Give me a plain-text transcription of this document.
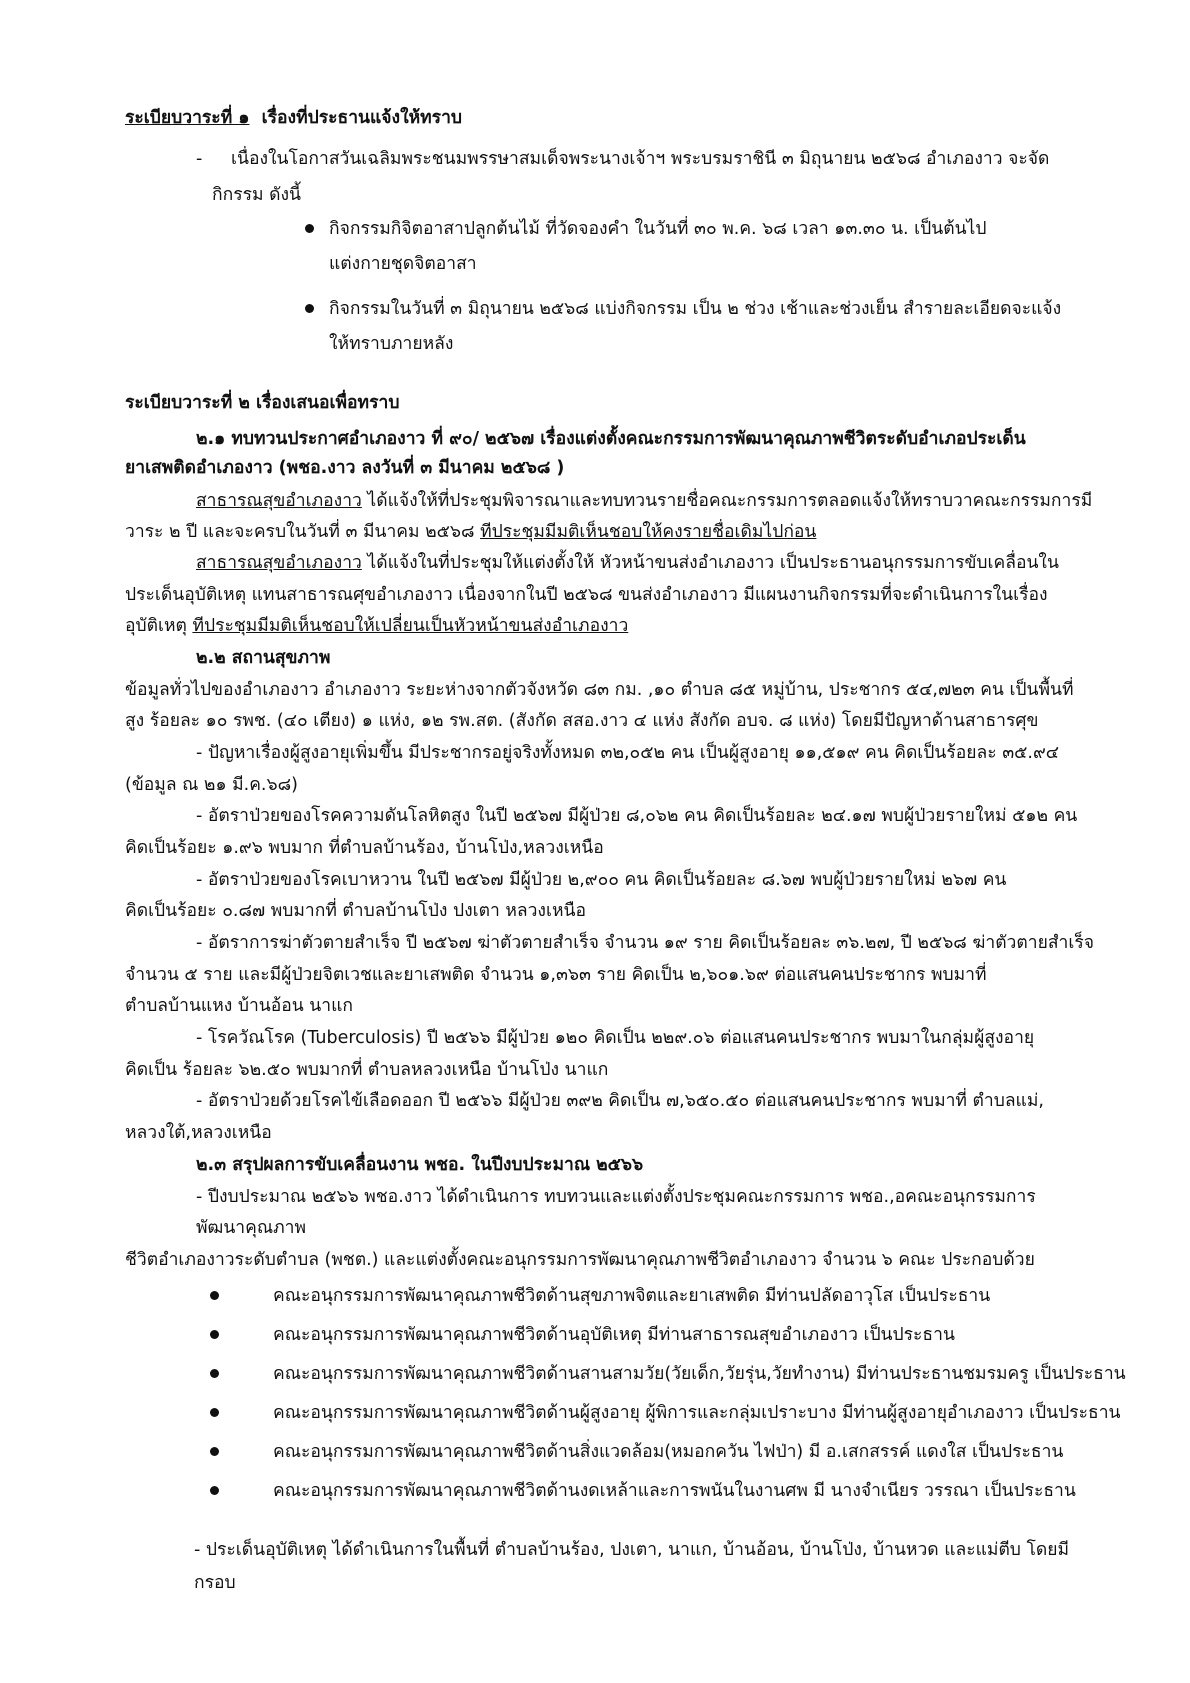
ระเบียบวาระที่ ๑ เรื่องที่ประธานแจ้งให้ทราบ

- เนื่องในโอกาสวันเฉลิมพระชนมพรรษาสมเด็จพระนางเจ้าฯ พระบรมราชินี ๓ มิถุนายน ๒๕๖๘ อำเภองาว จะจัด

กิกรรม ดังนี้

กิจกรรมกิจิตอาสาปลูกต้นไม้ ที่วัดจองคำ ในวันที่ ๓๐ พ.ค. ๖๘ เวลา ๑๓.๓๐ น. เป็นต้นไป

แต่งกายชุดจิตอาสา

กิจกรรมในวันที่ ๓ มิถุนายน ๒๕๖๘ แบ่งกิจกรรม เป็น ๒ ช่วง เช้าและช่วงเย็น สำรายละเอียดจะแจ้ง

ให้ทราบภายหลัง

ระเบียบวาระที่ ๒ เรื่องเสนอเพื่อทราบ

๒.๑ ทบทวนประกาศอำเภองาว ที่ ๙๐/ ๒๕๖๗ เรื่องแต่งตั้งคณะกรรมการพัฒนาคุณภาพชีวิตระดับอำเภอประเด็น

ยาเสพติดอำเภองาว (พชอ.งาว ลงวันที่ ๓ มีนาคม ๒๕๖๘ )

สาธารณสุขอำเภองาว ได้แจ้งให้ที่ประชุมพิจารณาและทบทวนรายชื่อคณะกรรมการตลอดแจ้งให้ทราบวาคณะกรรมการมี

วาระ ๒ ปี และจะครบในวันที่ ๓ มีนาคม ๒๕๖๘ ทีประชุมมีมติเห็นชอบให้คงรายชื่อเดิมไปก่อน

สาธารณสุขอำเภองาว ได้แจ้งในที่ประชุมให้แต่งตั้งให้ หัวหน้าขนส่งอำเภองาว เป็นประธานอนุกรรมการขับเคลื่อนใน

ประเด็นอุบัติเหตุ แทนสาธารณศุขอำเภองาว เนื่องจากในปี ๒๕๖๘ ขนส่งอำเภองาว มีแผนงานกิจกรรมที่จะดำเนินการในเรื่อง

อุบัติเหตุ ทีประชุมมีมติเห็นชอบให้เปลี่ยนเป็นหัวหน้าขนส่งอำเภองาว

๒.๒ สถานสุขภาพ

ข้อมูลทั่วไปของอำเภองาว อำเภองาว ระยะห่างจากตัวจังหวัด ๘๓ กม. ,๑๐ ตำบล ๘๕ หมู่บ้าน, ประชากร ๕๔,๗๒๓ คน เป็นพื้นที่

สูง ร้อยละ ๑๐ รพช. (๔๐ เตียง) ๑ แห่ง, ๑๒ รพ.สต. (สังกัด สสอ.งาว ๔ แห่ง สังกัด อบจ. ๘ แห่ง) โดยมีปัญหาด้านสาธารศุข

- ปัญหาเรื่องผู้สูงอายุเพิ่มขึ้น มีประชากรอยู่จริงทั้งหมด ๓๒,๐๕๒ คน เป็นผู้สูงอายุ ๑๑,๕๑๙ คน คิดเป็นร้อยละ ๓๕.๙๔

(ข้อมูล ณ ๒๑ มี.ค.๖๘)

- อัตราป่วยของโรคความดันโลหิตสูง ในปี ๒๕๖๗ มีผู้ป่วย ๘,๐๖๒ คน คิดเป็นร้อยละ ๒๔.๑๗ พบผู้ป่วยรายใหม่ ๕๑๒ คน

คิดเป็นร้อยะ ๑.๙๖ พบมาก ที่ตำบลบ้านร้อง, บ้านโป่ง,หลวงเหนือ

- อัตราป่วยของโรคเบาหวาน ในปี ๒๕๖๗ มีผู้ป่วย ๒,๙๐๐ คน คิดเป็นร้อยละ ๘.๖๗ พบผู้ป่วยรายใหม่ ๒๖๗ คน

คิดเป็นร้อยะ ๐.๘๗ พบมากที่ ตำบลบ้านโป่ง ปงเตา หลวงเหนือ

- อัตราการฆ่าตัวตายสำเร็จ ปี ๒๕๖๗ ฆ่าตัวตายสำเร็จ จำนวน ๑๙ ราย คิดเป็นร้อยละ ๓๖.๒๗, ปี ๒๕๖๘ ฆ่าตัวตายสำเร็จ

จำนวน ๕ ราย และมีผู้ป่วยจิตเวชและยาเสพติด จำนวน ๑,๓๖๓ ราย คิดเป็น ๒,๖๐๑.๖๙ ต่อแสนคนประชากร พบมาที่

ตำบลบ้านแหง บ้านอ้อน นาแก

- โรควัณโรค (Tuberculosis) ปี ๒๕๖๖ มีผู้ป่วย ๑๒๐ คิดเป็น ๒๒๙.๐๖ ต่อแสนคนประชากร พบมาในกลุ่มผู้สูงอายุ

คิดเป็น ร้อยละ ๖๒.๕๐ พบมากที่ ตำบลหลวงเหนือ บ้านโป่ง นาแก

- อัตราป่วยด้วยโรคไข้เลือดออก ปี ๒๕๖๖ มีผู้ป่วย ๓๙๒ คิดเป็น ๗,๖๕๐.๕๐ ต่อแสนคนประชากร พบมาที่ ตำบลแม่,

หลวงใต้,หลวงเหนือ

๒.๓ สรุปผลการขับเคลื่อนงาน พชอ. ในปีงบประมาณ ๒๕๖๖

- ปีงบประมาณ ๒๕๖๖ พชอ.งาว ได้ดำเนินการ ทบทวนและแต่งตั้งประชุมคณะกรรมการ พชอ.,อคณะอนุกรรมการ

พัฒนาคุณภาพ

ชีวิตอำเภองาวระดับตำบล (พชต.) และแต่งตั้งคณะอนุกรรมการพัฒนาคุณภาพชีวิตอำเภองาว จำนวน ๖ คณะ ประกอบด้วย

คณะอนุกรรมการพัฒนาคุณภาพชีวิตด้านสุขภาพจิตและยาเสพติด มีท่านปลัดอาวุโส เป็นประธาน

คณะอนุกรรมการพัฒนาคุณภาพชีวิตด้านอุบัติเหตุ มีท่านสาธารณสุขอำเภองาว เป็นประธาน

คณะอนุกรรมการพัฒนาคุณภาพชีวิตด้านสานสามวัย(วัยเด็ก,วัยรุ่น,วัยทำงาน) มีท่านประธานชมรมครู เป็นประธาน

คณะอนุกรรมการพัฒนาคุณภาพชีวิตด้านผู้สูงอายุ ผู้พิการและกลุ่มเปราะบาง มีท่านผู้สูงอายุอำเภองาว เป็นประธาน

คณะอนุกรรมการพัฒนาคุณภาพชีวิตด้านสิ่งแวดล้อม(หมอกควัน ไฟป่า) มี อ.เสกสรรค์ แดงใส เป็นประธาน

คณะอนุกรรมการพัฒนาคุณภาพชีวิตด้านงดเหล้าและการพนันในงานศพ มี นางจำเนียร วรรณา เป็นประธาน

- ประเด็นอุบัติเหตุ ได้ดำเนินการในพื้นที่ ตำบลบ้านร้อง, ปงเตา, นาแก, บ้านอ้อน, บ้านโป่ง, บ้านหวด และแม่ตีบ โดยมี

กรอบ
